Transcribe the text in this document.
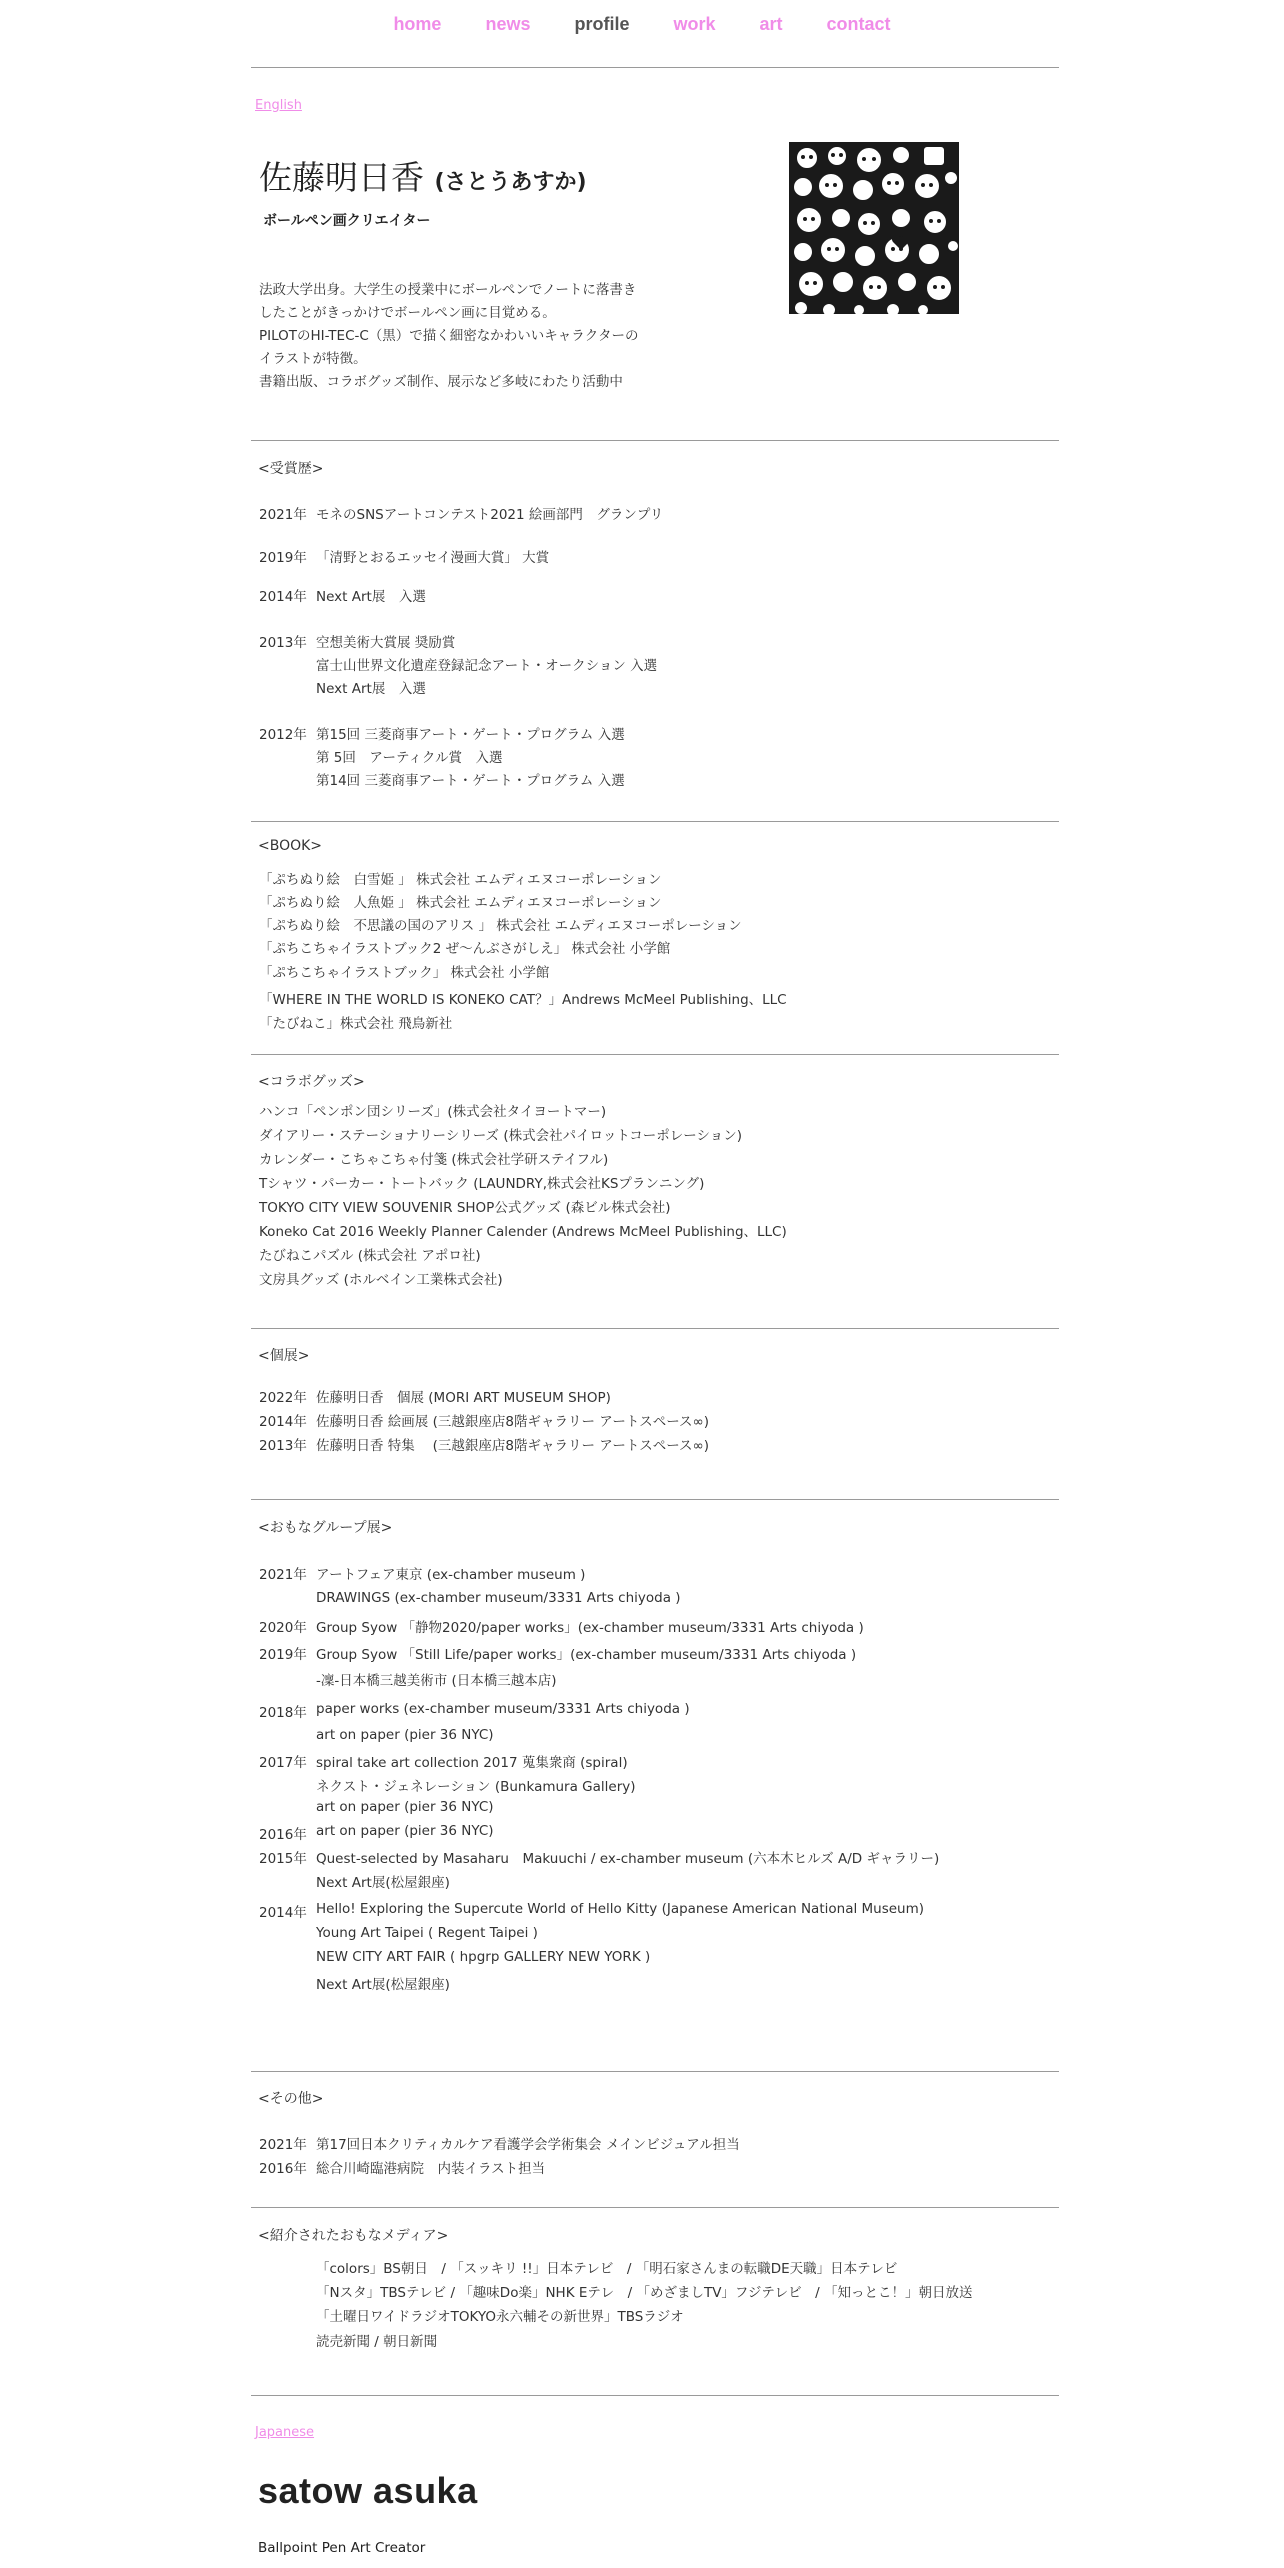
home news profile work art contact
English
佐藤明日香 (さとうあすか)
ボールペン画クリエイター
法政大学出身。大学生の授業中にボールペンでノートに落書き
したことがきっかけでボールペン画に目覚める。
PILOTのHI-TEC-C（黒）で描く細密なかわいいキャラクターの
イラストが特徴。
書籍出版、コラボグッズ制作、展示など多岐にわたり活動中
<受賞歴>
2021年 モネのSNSアートコンテスト2021 絵画部門　グランプリ
2019年 「清野とおるエッセイ漫画大賞」 大賞
2014年 Next Art展　入選
2013年 空想美術大賞展 奨励賞
富士山世界文化遺産登録記念アート・オークション 入選
Next Art展　入選
2012年 第15回 三菱商事アート・ゲート・プログラム 入選
第 5回　アーティクル賞　入選
第14回 三菱商事アート・ゲート・プログラム 入選
<BOOK>
「ぷちぬり絵　白雪姫 」 株式会社 エムディエヌコーポレーション
「ぷちぬり絵　人魚姫 」 株式会社 エムディエヌコーポレーション
「ぷちぬり絵　不思議の国のアリス 」 株式会社 エムディエヌコーポレーション
「ぷちこちゃイラストブック2 ぜ〜んぶさがしえ」 株式会社 小学館
「ぷちこちゃイラストブック」 株式会社 小学館
「WHERE IN THE WORLD IS KONEKO CAT？」Andrews McMeel Publishing、LLC
「たびねこ」株式会社 飛鳥新社
<コラボグッズ>
ハンコ「ペンポン団シリーズ」(株式会社タイヨートマー)
ダイアリー・ステーショナリーシリーズ (株式会社パイロットコーポレーション)
カレンダー・こちゃこちゃ付箋 (株式会社学研ステイフル)
Tシャツ・パーカー・トートバック (LAUNDRY,株式会社KSプランニング)
TOKYO CITY VIEW SOUVENIR SHOP公式グッズ (森ビル株式会社)
Koneko Cat 2016 Weekly Planner Calender (Andrews McMeel Publishing、LLC)
たびねこパズル (株式会社 アポロ社)
文房具グッズ (ホルベイン工業株式会社)
<個展>
2022年 佐藤明日香　個展 (MORI ART MUSEUM SHOP)
2014年 佐藤明日香 絵画展 (三越銀座店8階ギャラリー アートスペース∞)
2013年 佐藤明日香 特集　 (三越銀座店8階ギャラリー アートスペース∞)
<おもなグループ展>
2021年 アートフェア東京 (ex-chamber museum )
DRAWINGS (ex-chamber museum/3331 Arts chiyoda )
2020年 Group Syow 「静物2020/paper works」(ex-chamber museum/3331 Arts chiyoda )
2019年 Group Syow 「Still Life/paper works」(ex-chamber museum/3331 Arts chiyoda )
-凜-日本橋三越美術市 (日本橋三越本店)
2018年 paper works (ex-chamber museum/3331 Arts chiyoda )
art on paper (pier 36 NYC)
2017年 spiral take art collection 2017 蒐集衆商 (spiral)
ネクスト・ジェネレーション (Bunkamura Gallery)
art on paper (pier 36 NYC)
2016年 art on paper (pier 36 NYC)
2015年 Quest-selected by Masaharu　Makuuchi / ex-chamber museum (六本木ヒルズ A/D ギャラリー)
Next Art展(松屋銀座)
2014年 Hello! Exploring the Supercute World of Hello Kitty (Japanese American National Museum)
Young Art Taipei ( Regent Taipei )
NEW CITY ART FAIR ( hpgrp GALLERY NEW YORK )
Next Art展(松屋銀座)
<その他>
2021年 第17回日本クリティカルケア看護学会学術集会 メインビジュアル担当
2016年 総合川崎臨港病院　内装イラスト担当
<紹介されたおもなメディア>
「colors」BS朝日　/ 「スッキリ !!」日本テレビ　/ 「明石家さんまの転職DE天職」日本テレビ
「Nスタ」TBSテレビ / 「趣味Do楽」NHK Eテレ　/ 「めざましTV」フジテレビ　/ 「知っとこ！」朝日放送
「土曜日ワイドラジオTOKYO永六輔その新世界」TBSラジオ
読売新聞 / 朝日新聞
Japanese
satow asuka
Ballpoint Pen Art Creator
